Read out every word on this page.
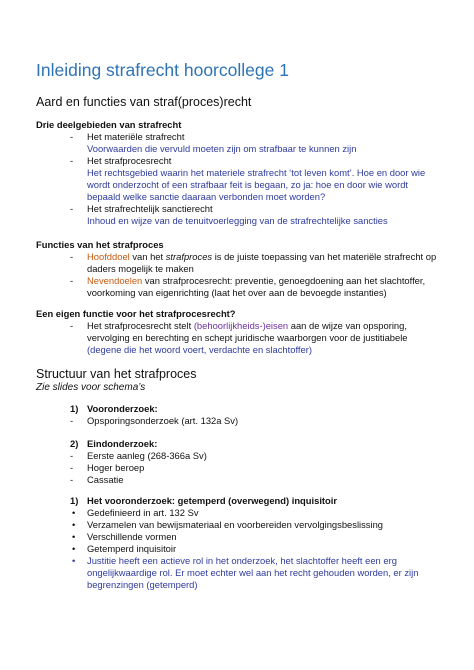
Inleiding strafrecht hoorcollege 1
Aard en functies van straf(proces)recht
Drie deelgebieden van strafrecht
- Het materiële strafrecht
Voorwaarden die vervuld moeten zijn om strafbaar te kunnen zijn
- Het strafprocesrecht
Het rechtsgebied waarin het materiele strafrecht ‘tot leven komt’. Hoe en door wie
wordt onderzocht of een strafbaar feit is begaan, zo ja: hoe en door wie wordt
bepaald welke sanctie daaraan verbonden moet worden?
- Het strafrechtelijk sanctierecht
Inhoud en wijze van de tenuitvoerlegging van de strafrechtelijke sancties
Functies van het strafproces
- Hoofddoel van het strafproces is de juiste toepassing van het materiële strafrecht op
daders mogelijk te maken
- Nevendoelen van strafprocesrecht: preventie, genoegdoening aan het slachtoffer,
voorkoming van eigenrichting (laat het over aan de bevoegde instanties)
Een eigen functie voor het strafprocesrecht?
- Het strafprocesrecht stelt (behoorlijkheids-)eisen aan de wijze van opsporing,
vervolging en berechting en schept juridische waarborgen voor de justitiabele
(degene die het woord voert, verdachte en slachtoffer)
Structuur van het strafproces
Zie slides voor schema’s
1) Vooronderzoek:
- Opsporingsonderzoek (art. 132a Sv)
2) Eindonderzoek:
- Eerste aanleg (268-366a Sv)
- Hoger beroep
- Cassatie
1) Het vooronderzoek: getemperd (overwegend) inquisitoir
• Gedefinieerd in art. 132 Sv
• Verzamelen van bewijsmateriaal en voorbereiden vervolgingsbeslissing
• Verschillende vormen
• Getemperd inquisitoir
• Justitie heeft een actieve rol in het onderzoek, het slachtoffer heeft een erg
ongelijkwaardige rol. Er moet echter wel aan het recht gehouden worden, er zijn
begrenzingen (getemperd)
